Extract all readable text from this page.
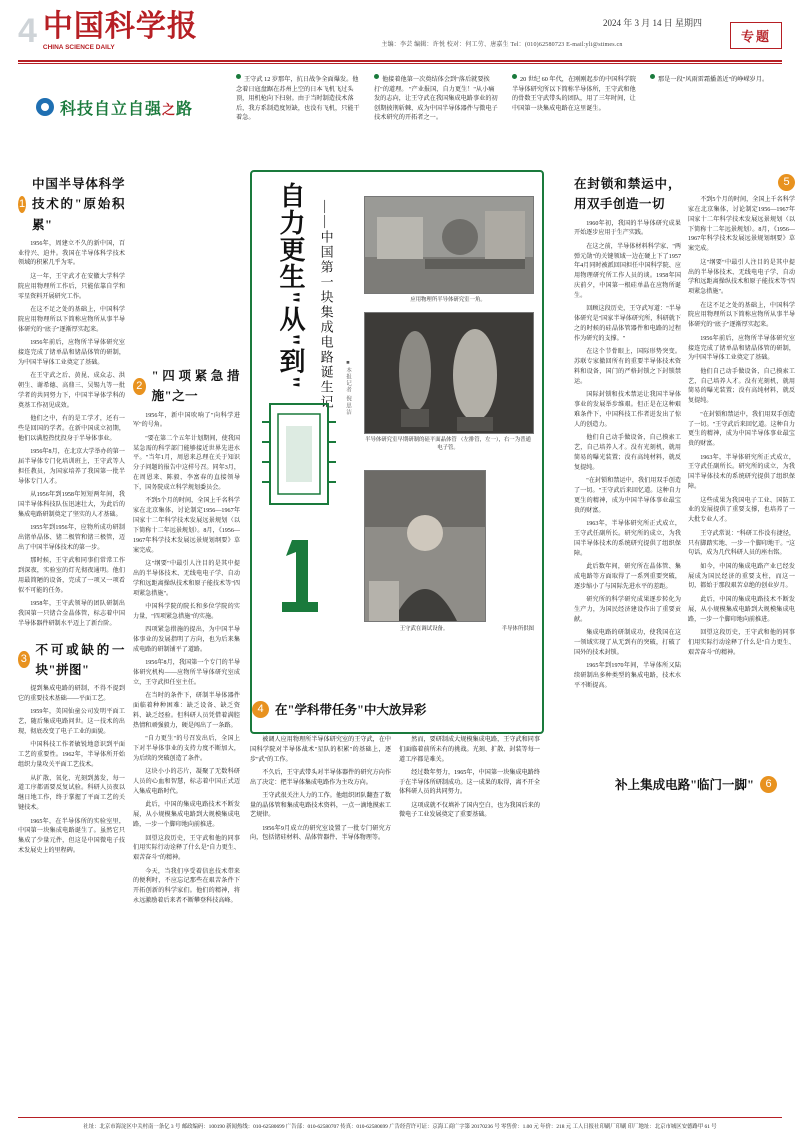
4 中国科学报
CHINA SCIENCE DAILY
2024 年 3 月 14 日 星期四
主编：李芸 编辑：许悦 校对：何工劳、唐嘉生 Tel：(010)62580723 E-mail:yli@stimes.cn
专题
科技自立自强之路
王守武 12 岁那年，抗日战争全面爆发。他念着日寇盘踞在苏州上空的日本飞机飞过头顶，用机枪向下扫射。由于当时制造技术落后，我方系制造度短缺，也没有飞机，只能干着急。
他接着他第一次奠结体会到"落后就要挨打"的道理。 "产业报国，自力更生！"从小痛发的志向，让王守武在我国集成电路事业的初创期披荆斩棘，成为中国半导体器件与微电子技术研究的开拓者之一。
20 世纪 60 年代，在刚刚起步的中国科学院半导体研究所以下简称半导体所，王守武和他的骨数王守武带头的团队，用了三年时间，让中国第一块集成电路在这里诞生。
那是一段"风雨雷霜播盖近"的峥嵘岁月。
自力更生"从"到"	——中国第一块集成电路诞生记 ■本报记者 倪思洁
应用物理所半导体研究室一角。
半导体研究室早期研制的硅平面晶体管 （左排管，左一），右一为普通电子管。
王守武在调试设备。	半导体所供图
1
中国半导体科学技术的"原始积累"

1956年，周建立不久的新中国，百业待兴、迫井。我国在半导体科学技术领域的积累几乎为零。

这一年，王守武才在安徽大学科学院应用物理所工作后，只能依靠自学和零星资料开展研究工作。

在这不足之处的基础上，中国科学院应用物理所以下简称应物所从事半导体研究的"底子"逐渐厚实起来。

1956年前后，应物所半导体研究室接连完成了锗单晶和锗晶体管的研制，为中国半导体工业奠定了基础。

在王守武之后、黄昆、成众志、洪朝生、谢希德、高鼎三、吴锡九等一批学者的共同努力下，中国半导体学科的奠基工作初见成效。

他们之中，有的是工学才，还有一些是回国的学者。在新中国成立初期，他们以满腔热忱投身于半导体事业。

1956年8月，在北京大学举办的第一届半导体专门化培训班上，王守武等人担任教员，为国家培养了我国第一批半导体专门人才。

从1956年到1958年短短两年间，我国半导体科技队伍迅速壮大，为此后的集成电路研制奠定了坚实的人才基础。

1955年到1956年，应物所成功研制出锗单晶体、锗二极管和锗三极管，迈出了中国半导体技术的第一步。

那时候，王守武和同事们常常工作到深夜，实验室的灯光彻夜通明。他们用最简陋的设备，完成了一项又一项看似不可能的任务。

1958年，王守武领导的团队研制出我国第一只锗合金晶体管，标志着中国半导体器件研制水平迈上了新台阶。

3
不可或缺的一块"拼图"

提到集成电路的研制，不得不提到它的重要技术基础——平面工艺。

1959年，美国仙童公司发明平面工艺，随后集成电路问世。这一技术的出现，彻底改变了电子工业的面貌。

中国科技工作者敏锐地意识到平面工艺的重要性。1962年，半导体所开始组织力量攻关平面工艺技术。

从扩散、氧化、光刻到蒸发，每一道工序都需要反复试验。科研人员夜以继日地工作，终于掌握了平面工艺的关键技术。

1965年，在半导体所的实验室里，中国第一块集成电路诞生了。虽然它只集成了少量元件，但这是中国微电子技术发展史上的里程碑。

2
"四项紧急措施"之一

1956年，新中国吹响了"向科学进军"的号角。

"要在第二个五年计划期间，使我国某急需的科学部门能够接近世界先进水平。"当年1月，周恩来总理在关于知识分子问题的报告中这样号召。同年3月，在周恩来、陈毅、李富春的直接领导下，国务院成立科学规划委员会。

不到5个月的时间，全国上千名科学家在北京集体，讨论制定1956—1967年国家十二年科学技术发展远景规划（以下简称十二年远景规划）。8月，《1956—1967年科学技术发展远景规划纲要》草案完成。

这"纲要"中最引人注目的是其中提出的半导体技术、无线电电子学、自动学和远距离操纵技术和原子能技术等"四项紧急措施"。

中国科学院的院长和多位学院的实力量，"四项紧急措施"的实施。

四项紧急措施的提出，为中国半导体事业的发展指明了方向，也为后来集成电路的研制铺平了道路。

1956年8月，我国第一个专门的半导体研究机构——应物所半导体研究室成立，王守武担任室主任。

在当时的条件下，研制半导体器件面临着种种困难：缺乏设备、缺乏资料、缺乏经验。但科研人员凭借着满腔热情和顽强毅力，硬是闯出了一条路。

"自力更生"的号召发出后，全国上下对半导体事业的支持力度不断加大，为后续的突破创造了条件。

这块小小的芯片，凝聚了无数科研人员的心血和智慧，标志着中国正式迈入集成电路时代。

此后，中国的集成电路技术不断发展，从小规模集成电路到大规模集成电路，一步一个脚印地向前推进。

回望这段历史，王守武和他的同事们用实际行动诠释了什么是"自力更生、艰苦奋斗"的精神。

今天，当我们享受着信息技术带来的便利时，不应忘记那些在艰苦条件下开拓创新的科学家们。他们的精神，将永远激励着后来者不断攀登科技高峰。

在封锁和禁运中，用双手创造一切

1960年初，我国的半导体研究成果开始逐步应用于生产实践。

在这之前，半导体材料科学家、"两弹元勋"的关键领域一边在硬上下了1957年4月同时被派回国担任中国科学院、应用物理研究所工作人员的谈。1958年国庆前夕，中国第一根硅单晶在应物所诞生。

回顾这段历史，王守武写道："半导体研究是"国家半导体研究所，科研就下之的时候的硅晶体管器件和电路的过程作为研究的支撑。"

在这个节骨眼上，国际形势突变。苏联专家撤回所有的重要半导体技术资料和设备，国门的严格封锁之下封锁禁运。

国际封锁和技术禁运让我国半导体事业的发展举步维艰。但正是在这种艰难条件下，中国科技工作者迸发出了惊人的创造力。

他们自己动手做设备，自己摸索工艺，自己培养人才。没有光刻机，就用简易的曝光装置；没有高纯材料，就反复提纯。

"在封锁和禁运中，我们用双手创造了一切。"王守武后来回忆道。这种自力更生的精神，成为中国半导体事业最宝贵的财富。

1963年，半导体研究所正式成立，王守武任副所长。研究所的成立，为我国半导体技术的系统研究提供了组织保障。

此后数年间，研究所在晶体管、集成电路等方面取得了一系列重要突破，逐步缩小了与国际先进水平的差距。

研究所的科学研究成果逐步转化为生产力，为国民经济建设作出了重要贡献。

集成电路的研制成功，使我国在这一领域实现了从无到有的突破，打破了国外的技术封锁。

1965年到1970年间，半导体所又陆续研制出多种类型的集成电路，技术水平不断提高。

5

不到5个月的时间，全国上千名科学家在北京集体，讨论制定1956—1967年国家十二年科学技术发展远景规划（以下简称十二年远景规划）。8月，《1956—1967年科学技术发展远景规划纲要》草案完成。

这"纲要"中最引人注目的是其中提出的半导体技术、无线电电子学、自动学和远距离操纵技术和原子能技术等"四项紧急措施"。

在这不足之处的基础上，中国科学院应用物理所以下简称应物所从事半导体研究的"底子"逐渐厚实起来。

1956年前后，应物所半导体研究室接连完成了锗单晶和锗晶体管的研制，为中国半导体工业奠定了基础。

他们自己动手做设备，自己摸索工艺，自己培养人才。没有光刻机，就用简易的曝光装置；没有高纯材料，就反复提纯。

"在封锁和禁运中，我们用双手创造了一切。"王守武后来回忆道。这种自力更生的精神，成为中国半导体事业最宝贵的财富。

1963年，半导体研究所正式成立，王守武任副所长。研究所的成立，为我国半导体技术的系统研究提供了组织保障。

这些成果为我国电子工业、国防工业的发展提供了重要支撑，也培养了一大批专业人才。

王守武常说："科研工作没有捷径，只有脚踏实地、一步一个脚印地干。"这句话，成为几代科研人员的座右铭。

如今，中国的集成电路产业已经发展成为国民经济的重要支柱，而这一切，都始于那段艰苦卓绝的创业岁月。

此后，中国的集成电路技术不断发展，从小规模集成电路到大规模集成电路，一步一个脚印地向前推进。

回望这段历史，王守武和他的同事们用实际行动诠释了什么是"自力更生、艰苦奋斗"的精神。

补上集成电路"临门一脚"	6
4 在"学科带任务"中大放异彩

被调人应用物理所半导体研究室的王守武，在中国科学院对半导体战术"星队的积累"的基础上，逐步"武"的工作。

不久后，王守武带头对半导体器件的研究方向作出了决定：把半导体集成电路作为主攻方向。

王守武很关注人力的工作。他组织团队翻查了数量的晶体管和集成电路技术资料，一点一滴地摸索工艺规律。

1956年9月成立的研究室设置了一批专门研究方向，包括锗硅材料、晶体管器件、半导体物理等。

然而，要研制成大规模集成电路，王守武和同事们面临着前所未有的挑战。光刻、扩散、封装等每一道工序都是难关。

经过数年努力，1965年，中国第一块集成电路终于在半导体所研制成功。这一成果的取得，离不开全体科研人员的共同努力。

这项成就不仅填补了国内空白，也为我国后来的微电子工业发展奠定了重要基础。

社址：北京市海淀区中关村南一条亿 3 号 邮政编码：100190 新闻热线：010-62580699 广告部：010-62580707 传真：010-62580699 广告经营许可证：京海工商广字第 20170236 号 零售价：1.00 元 年价：218 元 工人日报社印刷厂印刷 印厂地址：北京市城区安德路甲 61 号
